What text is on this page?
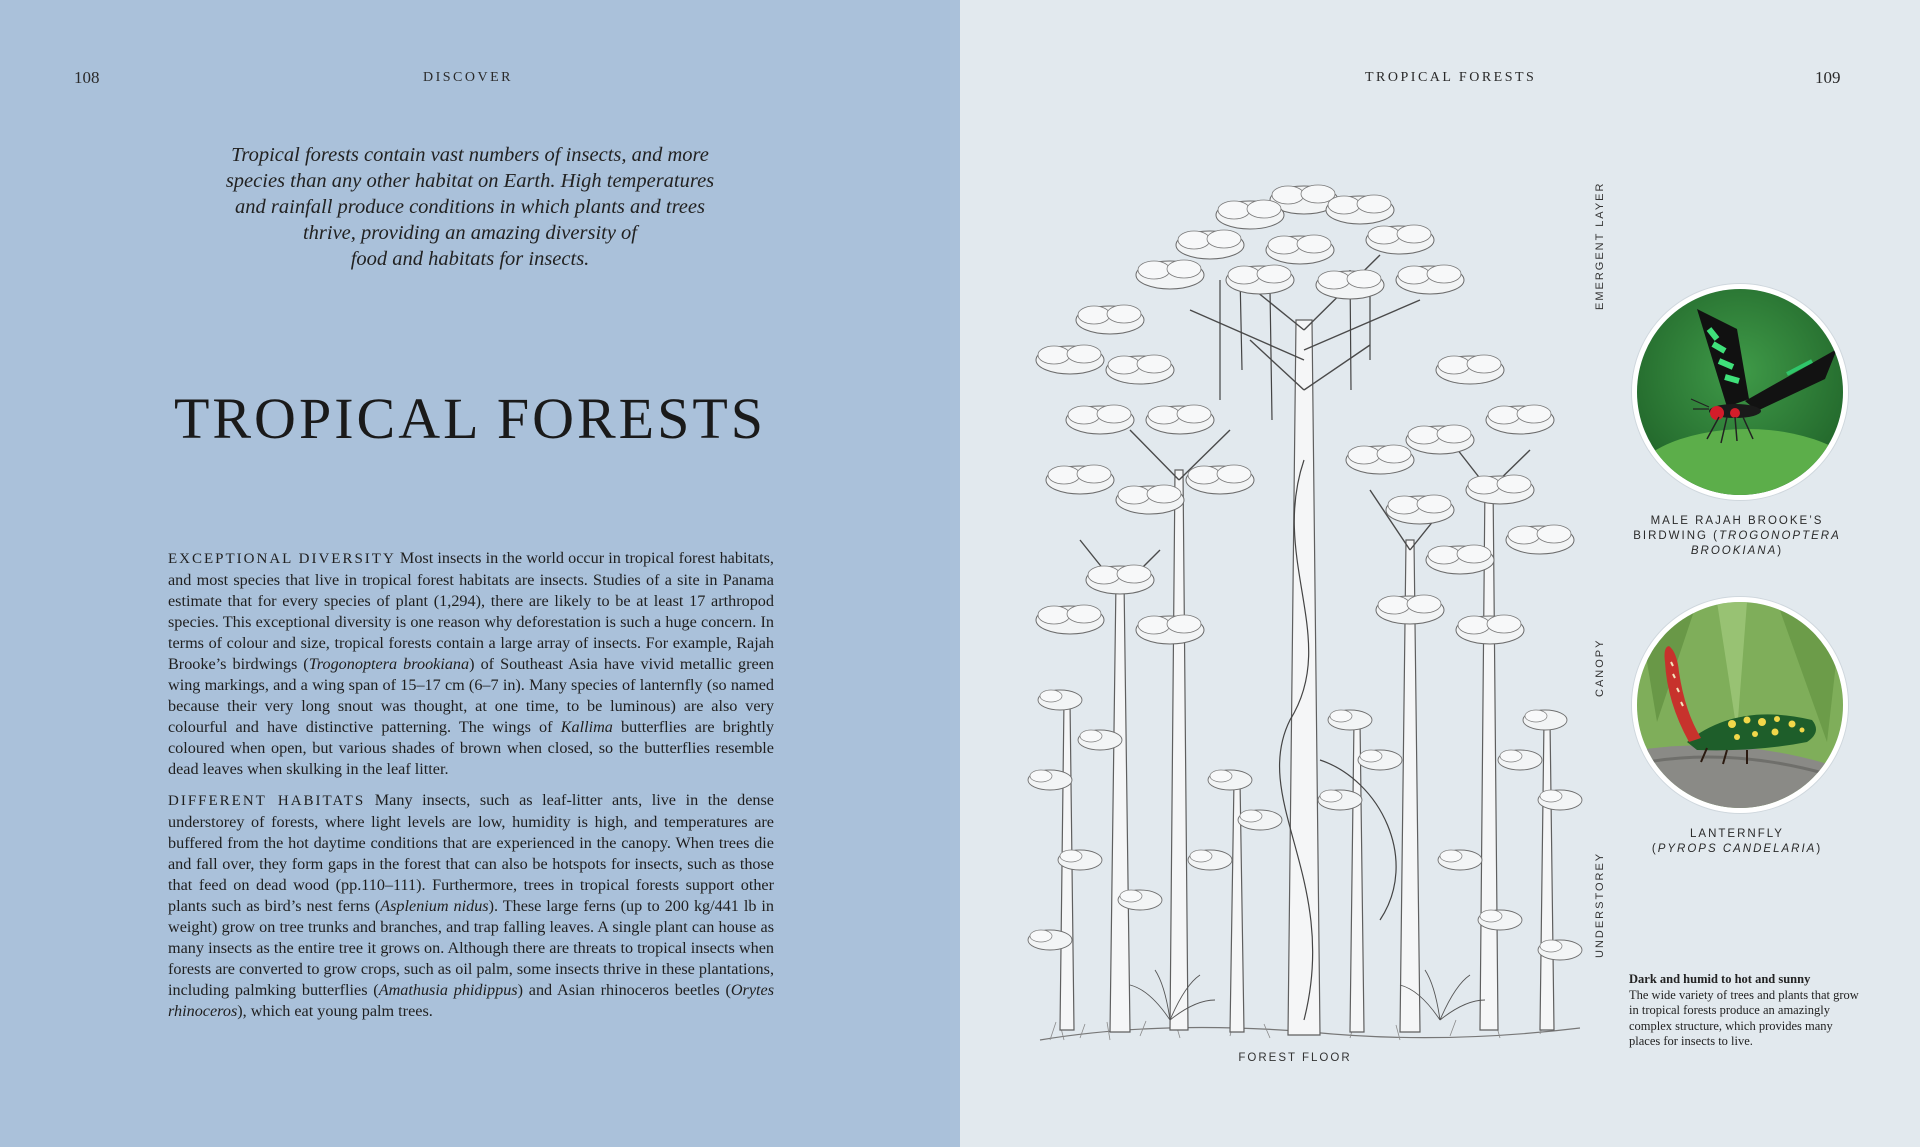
108	DISCOVER
Tropical forests contain vast numbers of insects, and more
species than any other habitat on Earth. High temperatures
and rainfall produce conditions in which plants and trees
thrive, providing an amazing diversity of
food and habitats for insects.
TROPICAL FORESTS

EXCEPTIONAL DIVERSITY Most insects in the world occur in tropical forest habitats, and most species that live in tropical forest habitats are insects. Studies of a site in Panama estimate that for every species of plant (1,294), there are likely to be at least 17 arthropod species. This exceptional diversity is one reason why deforestation is such a huge concern. In terms of colour and size, tropical forests contain a large array of insects. For example, Rajah Brooke’s birdwings (Trogonoptera brookiana) of Southeast Asia have vivid metallic green wing markings, and a wing span of 15–17 cm (6–7 in). Many species of lanternfly (so named because their very long snout was thought, at one time, to be luminous) are also very colourful and have distinctive patterning. The wings of Kallima butterflies are brightly coloured when open, but various shades of brown when closed, so the butterflies resemble dead leaves when skulking in the leaf litter.

DIFFERENT HABITATS Many insects, such as leaf-litter ants, live in the dense understorey of forests, where light levels are low, humidity is high, and temperatures are buffered from the hot daytime conditions that are experienced in the canopy. When trees die and fall over, they form gaps in the forest that can also be hotspots for insects, such as those that feed on dead wood (pp.110–111). Furthermore, trees in tropical forests support other plants such as bird’s nest ferns (Asplenium nidus). These large ferns (up to 200 kg/441 lb in weight) grow on tree trunks and branches, and trap falling leaves. A single plant can house as many insects as the entire tree it grows on. Although there are threats to tropical insects when forests are converted to grow crops, such as oil palm, some insects thrive in these plantations, including palmking butterflies (Amathusia phidippus) and Asian rhinoceros beetles (Orytes rhinoceros), which eat young palm trees.

TROPICAL FORESTS	109
EMERGENT LAYER
CANOPY
UNDERSTOREY
FOREST FLOOR
MALE RAJAH BROOKE’S
BIRDWING (TROGONOPTERA
BROOKIANA)
LANTERNFLY
(PYROPS CANDELARIA)
Dark and humid to hot and sunny
The wide variety of trees and plants that grow in tropical forests produce an amazingly complex structure, which provides many places for insects to live.
